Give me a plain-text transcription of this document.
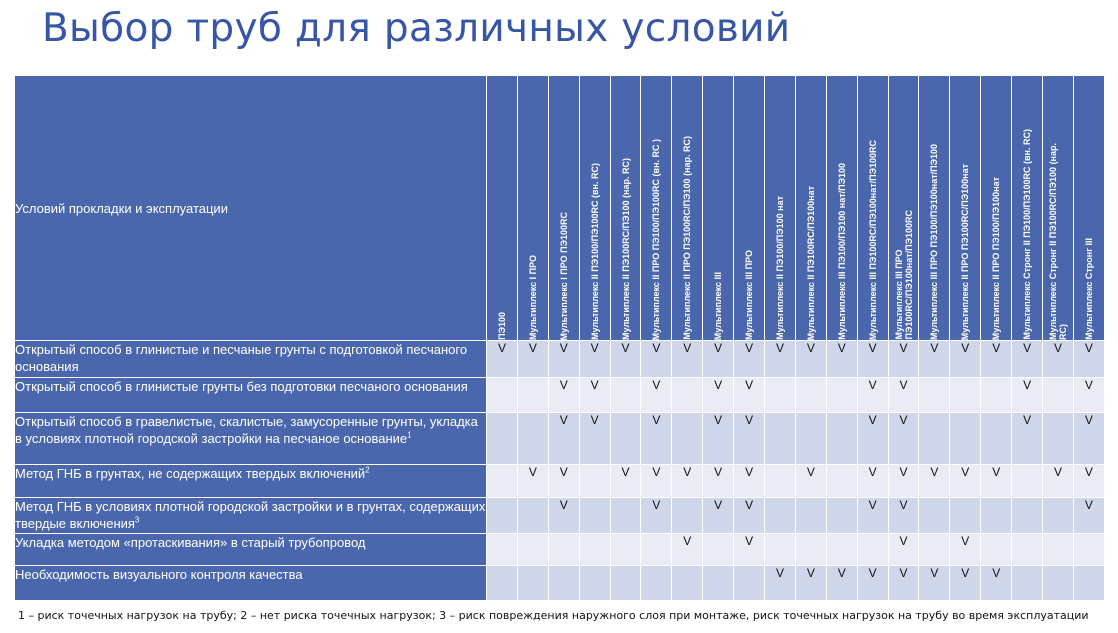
Выбор труб для различных условий
Условий прокладки и эксплуатации	ПЭ100	Мультиплекс I ПРО	Мультиплекс I ПРО ПЭ100RC	Мультиплекс II ПЭ100/ПЭ100RC (вн. RC)	Мультиплекс II ПЭ100RC/ПЭ100 (нар. RC)	Мультиплекс II ПРО ПЭ100/ПЭ100RC (вн. RC )	Мультиплекс II ПРО ПЭ100RC/ПЭ100 (нар. RC)	Мультиплекс III	Мультиплекс III ПРО	Мультиплекс II ПЭ100/ПЭ100 нат	Мультиплекс II ПЭ100RC/ПЭ100нат	Мультиплекс III ПЭ100/ПЭ100 нат/ПЭ100	Мультиплекс III ПЭ100RC/ПЭ100нат/ПЭ100RC	Мультиплекс III ПРО
ПЭ100RC/ПЭ100нат/ПЭ100RC	Мультиплекс III ПРО ПЭ100/ПЭ100нат/ПЭ100	Мультиплекс II ПРО ПЭ100RC/ПЭ100нат	Мультиплекс II ПРО ПЭ100/ПЭ100нат	Мультиплекс Стронг II ПЭ100/ПЭ100RC (вн. RC)	Мультиплекс Стронг II ПЭ100RC/ПЭ100 (нар.
RC)	Мультиплекс Стронг III

Открытый способ в глинистые и песчаные грунты с подготовкой песчаного основания	V	V	V	V	V	V	V	V	V	V	V	V	V	V	V	V	V	V	V	V
Открытый способ в глинистые грунты без подготовки песчаного основания			V	V		V		V	V				V	V				V		V
Открытый способ в гравелистые, скалистые, замусоренные грунты, укладка в условиях плотной городской застройки на песчаное основание$^1$			V	V		V		V	V				V	V				V		V
Метод ГНБ в грунтах, не содержащих твердых включений$^2$		V	V		V	V	V	V	V		V		V	V	V	V	V		V	V
Метод ГНБ в условиях плотной городской застройки и в грунтах, содержащих твердые включения$^3$			V			V		V	V				V	V						V
Укладка методом «протаскивания» в старый трубопровод							V		V					V		V				
Необходимость визуального контроля качества										V	V	V	V	V	V	V	V			

1 – риск точечных нагрузок на трубу; 2 – нет риска точечных нагрузок; 3 – риск повреждения наружного слоя при монтаже, риск точечных нагрузок на трубу во время эксплуатации
